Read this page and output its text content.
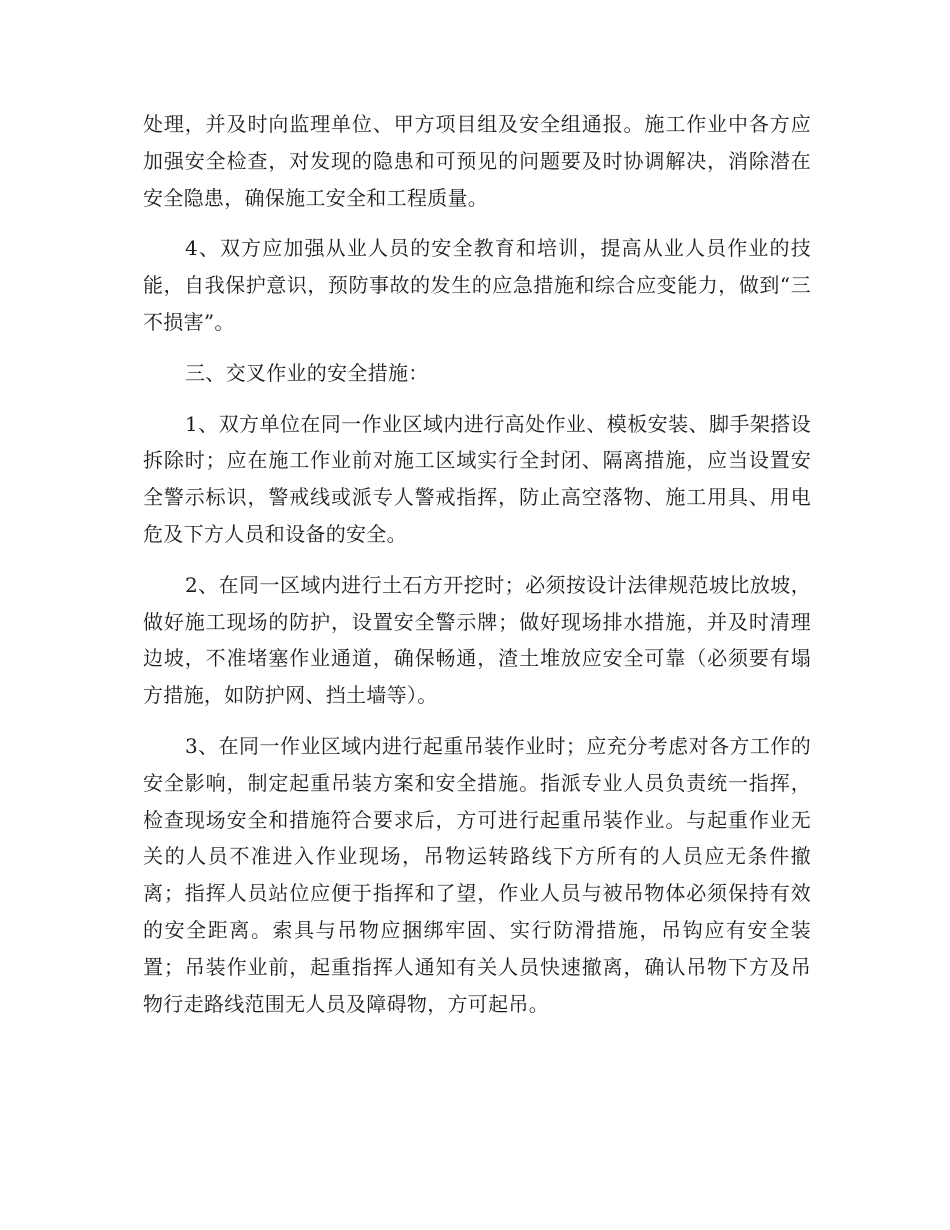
处理，并及时向监理单位、甲方项目组及安全组通报。施工作业中各方应加强安全检查，对发现的隐患和可预见的问题要及时协调解决，消除潜在安全隐患，确保施工安全和工程质量。

4、双方应加强从业人员的安全教育和培训，提高从业人员作业的技能，自我保护意识，预防事故的发生的应急措施和综合应变能力，做到“三不损害”。

三、交叉作业的安全措施：

1、双方单位在同一作业区域内进行高处作业、模板安装、脚手架搭设拆除时；应在施工作业前对施工区域实行全封闭、隔离措施，应当设置安全警示标识，警戒线或派专人警戒指挥，防止高空落物、施工用具、用电危及下方人员和设备的安全。

2、在同一区域内进行土石方开挖时；必须按设计法律规范坡比放坡，做好施工现场的防护，设置安全警示牌；做好现场排水措施，并及时清理边坡，不准堵塞作业通道，确保畅通，渣土堆放应安全可靠（必须要有塌方措施，如防护网、挡土墙等）。

3、在同一作业区域内进行起重吊装作业时；应充分考虑对各方工作的安全影响，制定起重吊装方案和安全措施。指派专业人员负责统一指挥，检查现场安全和措施符合要求后，方可进行起重吊装作业。与起重作业无关的人员不准进入作业现场，吊物运转路线下方所有的人员应无条件撤离；指挥人员站位应便于指挥和了望，作业人员与被吊物体必须保持有效的安全距离。索具与吊物应捆绑牢固、实行防滑措施，吊钩应有安全装置；吊装作业前，起重指挥人通知有关人员快速撤离，确认吊物下方及吊物行走路线范围无人员及障碍物，方可起吊。
